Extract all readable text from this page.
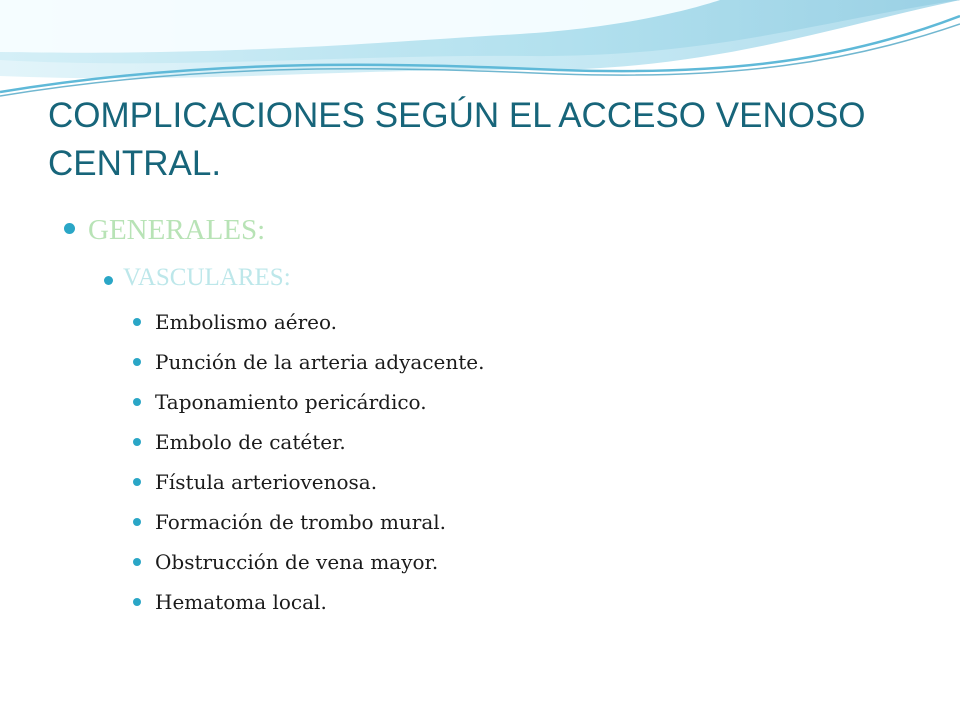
COMPLICACIONES SEGÚN EL ACCESO VENOSO CENTRAL.
GENERALES:
VASCULARES:
Embolismo aéreo.
Punción de la arteria adyacente.
Taponamiento pericárdico.
Embolo de catéter.
Fístula arteriovenosa.
Formación de trombo mural.
Obstrucción de vena mayor.
Hematoma local.
